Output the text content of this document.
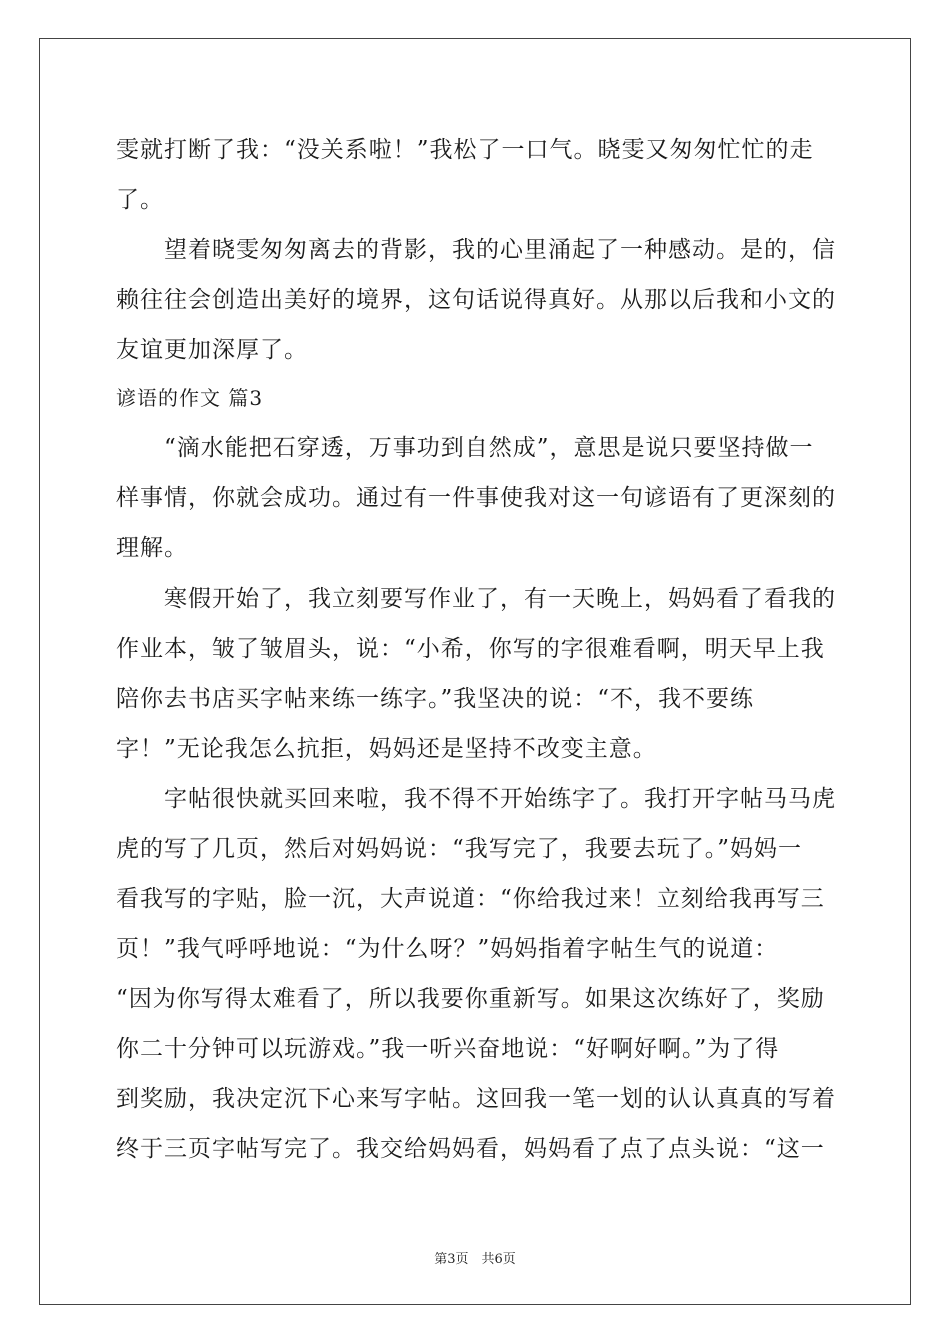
雯就打断了我：“没关系啦！”我松了一口气。晓雯又匆匆忙忙的走
了。
　　望着晓雯匆匆离去的背影，我的心里涌起了一种感动。是的，信
赖往往会创造出美好的境界，这句话说得真好。从那以后我和小文的
友谊更加深厚了。
谚语的作文 篇3
　　“滴水能把石穿透，万事功到自然成”，意思是说只要坚持做一
样事情，你就会成功。通过有一件事使我对这一句谚语有了更深刻的
理解。
　　寒假开始了，我立刻要写作业了，有一天晚上，妈妈看了看我的
作业本，皱了皱眉头，说：“小希，你写的字很难看啊，明天早上我
陪你去书店买字帖来练一练字。”我坚决的说：“不，我不要练
字！”无论我怎么抗拒，妈妈还是坚持不改变主意。
　　字帖很快就买回来啦，我不得不开始练字了。我打开字帖马马虎
虎的写了几页，然后对妈妈说：“我写完了，我要去玩了。”妈妈一
看我写的字贴，脸一沉，大声说道：“你给我过来！立刻给我再写三
页！”我气呼呼地说：“为什么呀？”妈妈指着字帖生气的说道：
“因为你写得太难看了，所以我要你重新写。如果这次练好了，奖励
你二十分钟可以玩游戏。”我一听兴奋地说：“好啊好啊。”为了得
到奖励，我决定沉下心来写字帖。这回我一笔一划的认认真真的写着
终于三页字帖写完了。我交给妈妈看，妈妈看了点了点头说：“这一
第3页　共6页
